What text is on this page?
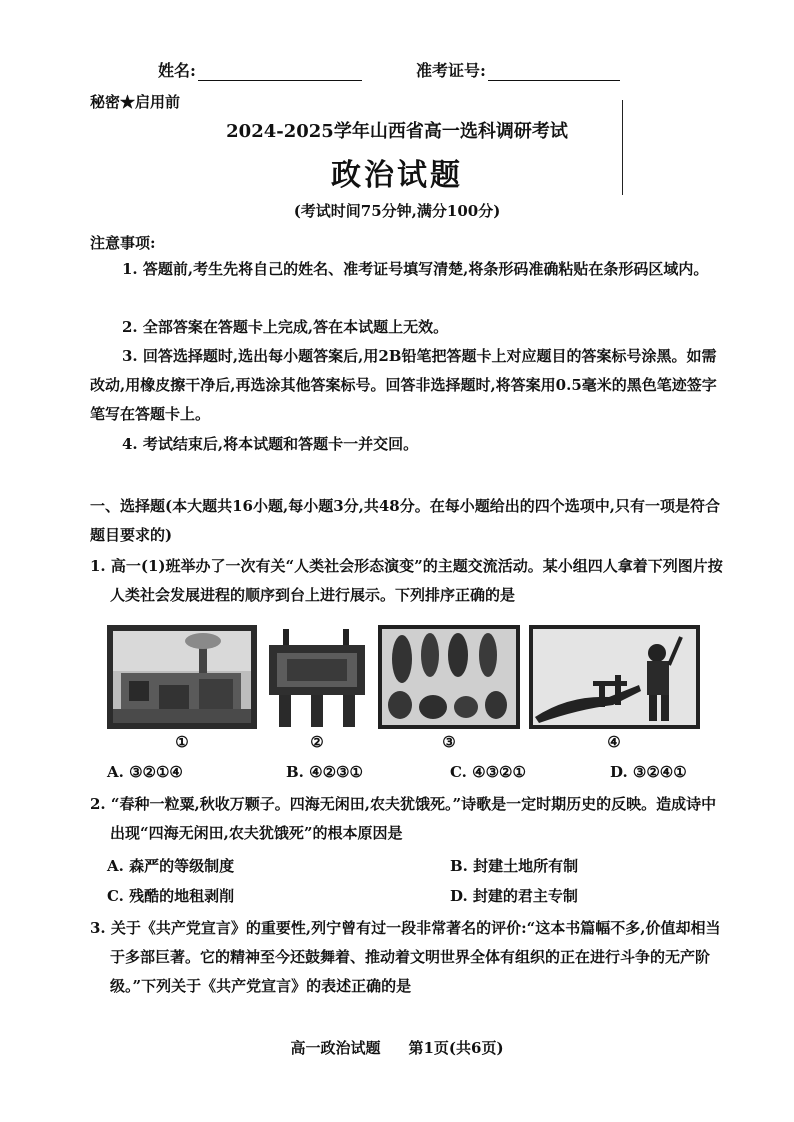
姓名:	准考证号:
秘密★启用前
2024-2025学年山西省高一选科调研考试
政治试题
(考试时间75分钟,满分100分)
注意事项:

1. 答题前,考生先将自己的姓名、准考证号填写清楚,将条形码准确粘贴在条形码区域内。

2. 全部答案在答题卡上完成,答在本试题上无效。

3. 回答选择题时,选出每小题答案后,用2B铅笔把答题卡上对应题目的答案标号涂黑。如需改动,用橡皮擦干净后,再选涂其他答案标号。回答非选择题时,将答案用0.5毫米的黑色笔迹签字笔写在答题卡上。

4. 考试结束后,将本试题和答题卡一并交回。

一、选择题(本大题共16小题,每小题3分,共48分。在每小题给出的四个选项中,只有一项是符合题目要求的)

1. 高一(1)班举办了一次有关“人类社会形态演变”的主题交流活动。某小组四人拿着下列图片按人类社会发展进程的顺序到台上进行展示。下列排序正确的是

①	②	③	④
A. ③②①④	B. ④②③①	C. ④③②①	D. ③②④①

2. “春种一粒粟,秋收万颗子。四海无闲田,农夫犹饿死。”诗歌是一定时期历史的反映。造成诗中出现“四海无闲田,农夫犹饿死”的根本原因是

A. 森严的等级制度	B. 封建土地所有制
C. 残酷的地租剥削	D. 封建的君主专制

3. 关于《共产党宣言》的重要性,列宁曾有过一段非常著名的评价:“这本书篇幅不多,价值却相当于多部巨著。它的精神至今还鼓舞着、推动着文明世界全体有组织的正在进行斗争的无产阶级。”下列关于《共产党宣言》的表述正确的是

高一政治试题 第1页(共6页)
